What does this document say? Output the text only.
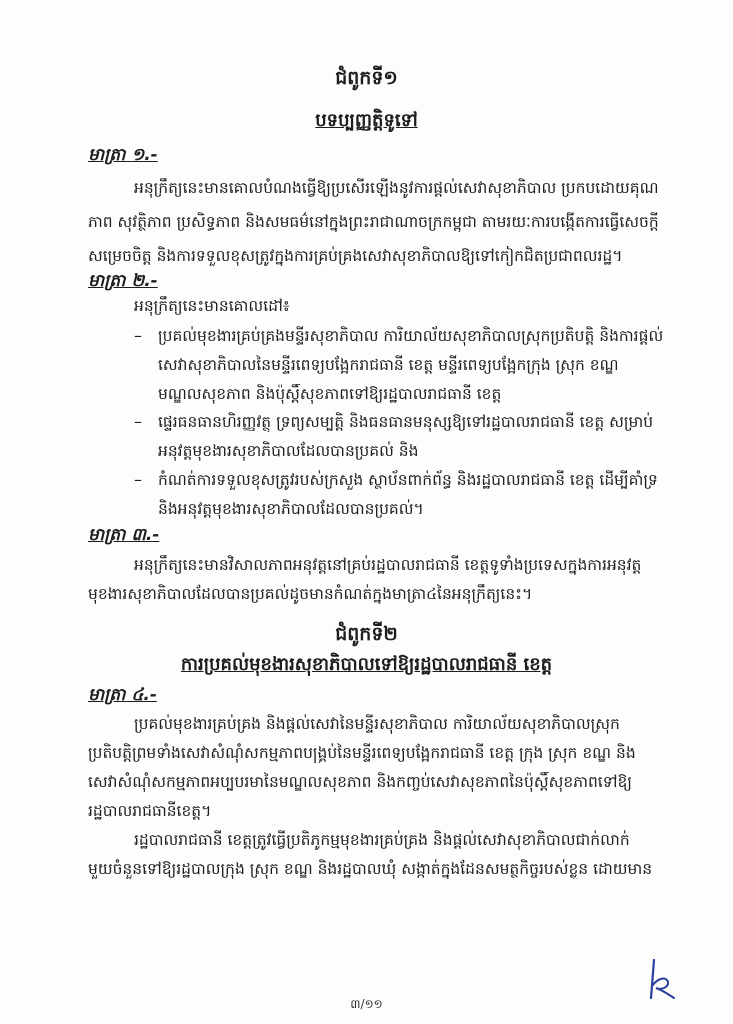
ជំពូកទី១
បទប្បញ្ញត្តិទូទៅ
មាត្រា ១.-
អនុក្រឹត្យនេះមានគោលបំណងធ្វើឱ្យប្រសើរឡើងនូវការផ្តល់សេវាសុខាភិបាល ប្រកបដោយគុណ
ភាព សុវត្ថិភាព ប្រសិទ្ធភាព និងសមធម៌នៅក្នុងព្រះរាជាណាចក្រកម្ពុជា តាមរយៈការបង្កើតការធ្វើសេចក្តី
សម្រេចចិត្ត និងការទទួលខុសត្រូវក្នុងការគ្រប់គ្រងសេវាសុខាភិបាលឱ្យទៅកៀកជិតប្រជាពលរដ្ឋ។
មាត្រា ២.-
អនុក្រឹត្យនេះមានគោលដៅ៖
– ប្រគល់មុខងារគ្រប់គ្រងមន្ទីរសុខាភិបាល ការិយាល័យសុខាភិបាលស្រុកប្រតិបត្តិ និងការផ្តល់
សេវាសុខាភិបាលនៃមន្ទីរពេទ្យបង្អែករាជធានី ខេត្ត មន្ទីរពេទ្យបង្អែកក្រុង ស្រុក ខណ្ឌ
មណ្ឌលសុខភាព និងប៉ុស្តិ៍សុខភាពទៅឱ្យរដ្ឋបាលរាជធានី ខេត្ត
– ផ្ទេរធនធានហិរញ្ញវត្ថុ ទ្រព្យសម្បត្តិ និងធនធានមនុស្សឱ្យទៅរដ្ឋបាលរាជធានី ខេត្ត សម្រាប់
អនុវត្តមុខងារសុខាភិបាលដែលបានប្រគល់ និង
– កំណត់ការទទួលខុសត្រូវរបស់ក្រសួង ស្ថាប័នពាក់ព័ន្ធ និងរដ្ឋបាលរាជធានី ខេត្ត ដើម្បីគាំទ្រ
និងអនុវត្តមុខងារសុខាភិបាលដែលបានប្រគល់។
មាត្រា ៣.-
អនុក្រឹត្យនេះមានវិសាលភាពអនុវត្តនៅគ្រប់រដ្ឋបាលរាជធានី ខេត្តទូទាំងប្រទេសក្នុងការអនុវត្ត
មុខងារសុខាភិបាលដែលបានប្រគល់ដូចមានកំណត់ក្នុងមាត្រា៤នៃអនុក្រឹត្យនេះ។
ជំពូកទី២
ការប្រគល់មុខងារសុខាភិបាលទៅឱ្យរដ្ឋបាលរាជធានី ខេត្ត
មាត្រា ៤.-
ប្រគល់មុខងារគ្រប់គ្រង និងផ្តល់សេវានៃមន្ទីរសុខាភិបាល ការិយាល័យសុខាភិបាលស្រុក
ប្រតិបត្តិព្រមទាំងសេវាសំណុំសកម្មភាពបង្គ្រប់នៃមន្ទីរពេទ្យបង្អែករាជធានី ខេត្ត ក្រុង ស្រុក ខណ្ឌ និង
សេវាសំណុំសកម្មភាពអប្បបរមានៃមណ្ឌលសុខភាព និងកញ្ចប់សេវាសុខភាពនៃប៉ុស្តិ៍សុខភាពទៅឱ្យ
រដ្ឋបាលរាជធានីខេត្ត។
រដ្ឋបាលរាជធានី ខេត្តត្រូវធ្វើប្រតិភូកម្មមុខងារគ្រប់គ្រង និងផ្តល់សេវាសុខាភិបាលជាក់លាក់
មួយចំនួនទៅឱ្យរដ្ឋបាលក្រុង ស្រុក ខណ្ឌ និងរដ្ឋបាលឃុំ សង្កាត់ក្នុងដែនសមត្ថកិច្ចរបស់ខ្លួន ដោយមាន
៣/១១
